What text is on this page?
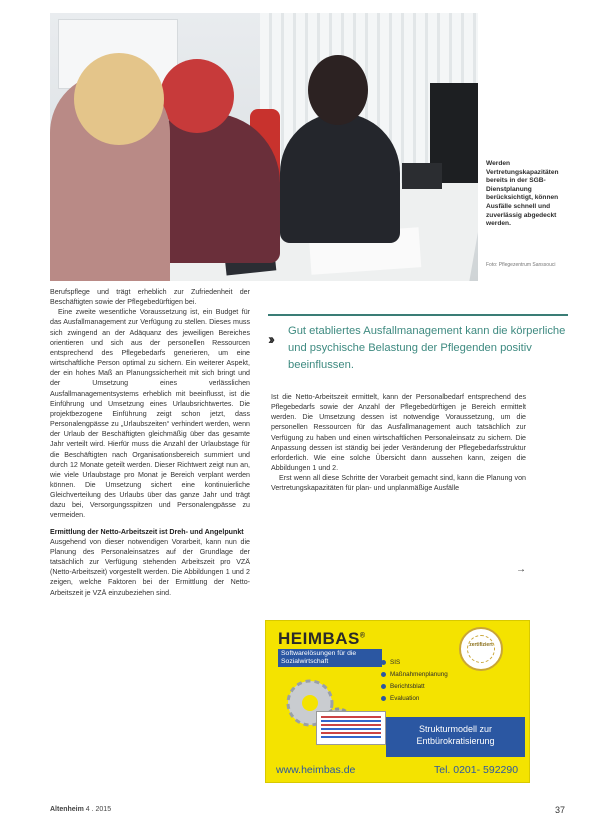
Werden Vertretungskapazitäten bereits in der SGB-Dienstplanung berücksichtigt, können Ausfälle schnell und zuverlässig abgedeckt werden.
Foto: Pflegezentrum Sanssouci

Berufspflege und trägt erheblich zur Zufriedenheit der Beschäftigten sowie der Pflegebedürftigen bei.

Eine zweite wesentliche Voraussetzung ist, ein Budget für das Ausfallmanagement zur Verfügung zu stellen. Dieses muss sich zwingend an der Adäquanz des jeweiligen Bereiches orientieren und sich aus der personellen Ressourcen entsprechend des Pflegebedarfs generieren, um eine wirtschaftliche Person optimal zu sichern. Ein weiterer Aspekt, der ein hohes Maß an Planungssicherheit mit sich bringt und der Umsetzung eines verlässlichen Ausfallmanagementsystems erheblich mit beeinflusst, ist die Einführung und Umsetzung eines Urlaubsrichtwertes. Die projektbezogene Einführung zeigt schon jetzt, dass Personalengpässe zu „Urlaubszeiten“ verhindert werden, wenn der Urlaub der Beschäftigten gleichmäßig über das gesamte Jahr verteilt wird. Hierfür muss die Anzahl der Urlaubstage für die Beschäftigten nach Organisationsbereich summiert und durch 12 Monate geteilt werden. Dieser Richtwert zeigt nun an, wie viele Urlaubstage pro Monat je Bereich verplant werden können. Die Umsetzung sichert eine kontinuierliche Gleichverteilung des Urlaubs über das ganze Jahr und trägt dazu bei, Versorgungsspitzen und Personalengpässe zu vermeiden.

Ermittlung der Netto-Arbeitszeit ist Dreh- und Angelpunkt

Ausgehend von dieser notwendigen Vorarbeit, kann nun die Planung des Personaleinsatzes auf der Grundlage der tatsächlich zur Verfügung stehenden Arbeitszeit pro VZÄ (Netto-Arbeitszeit) vorgestellt werden. Die Abbildungen 1 und 2 zeigen, welche Faktoren bei der Ermittlung der Netto-Arbeitszeit je VZÄ einzubeziehen sind.

›› Gut etabliertes Ausfallmanagement kann die körperliche und psychische Belastung der Pflegenden positiv beeinflussen.

Ist die Netto-Arbeitszeit ermittelt, kann der Personalbedarf entsprechend des Pflegebedarfs sowie der Anzahl der Pflegebedürftigen je Bereich ermittelt werden. Die Umsetzung dessen ist notwendige Voraussetzung, um die personellen Ressourcen für das Ausfallmanagement auch tatsächlich zur Verfügung zu haben und einen wirtschaftlichen Personaleinsatz zu sichern. Die Anpassung dessen ist ständig bei jeder Veränderung der Pflegebedarfsstruktur erforderlich. Wie eine solche Übersicht dann aussehen kann, zeigen die Abbildungen 1 und 2.

Erst wenn all diese Schritte der Vorarbeit gemacht sind, kann die Planung von Vertretungskapazitäten für plan- und unplanmäßige Ausfälle

→
HEIMBAS®
Softwarelösungen für die Sozialwirtschaft
zertifiziert
SIS
Maßnahmenplanung
Berichtsblatt
Evaluation
Strukturmodell zur Entbürokratisierung
www.heimbas.de	Tel. 0201- 592290
Altenheim 4 . 2015	37
